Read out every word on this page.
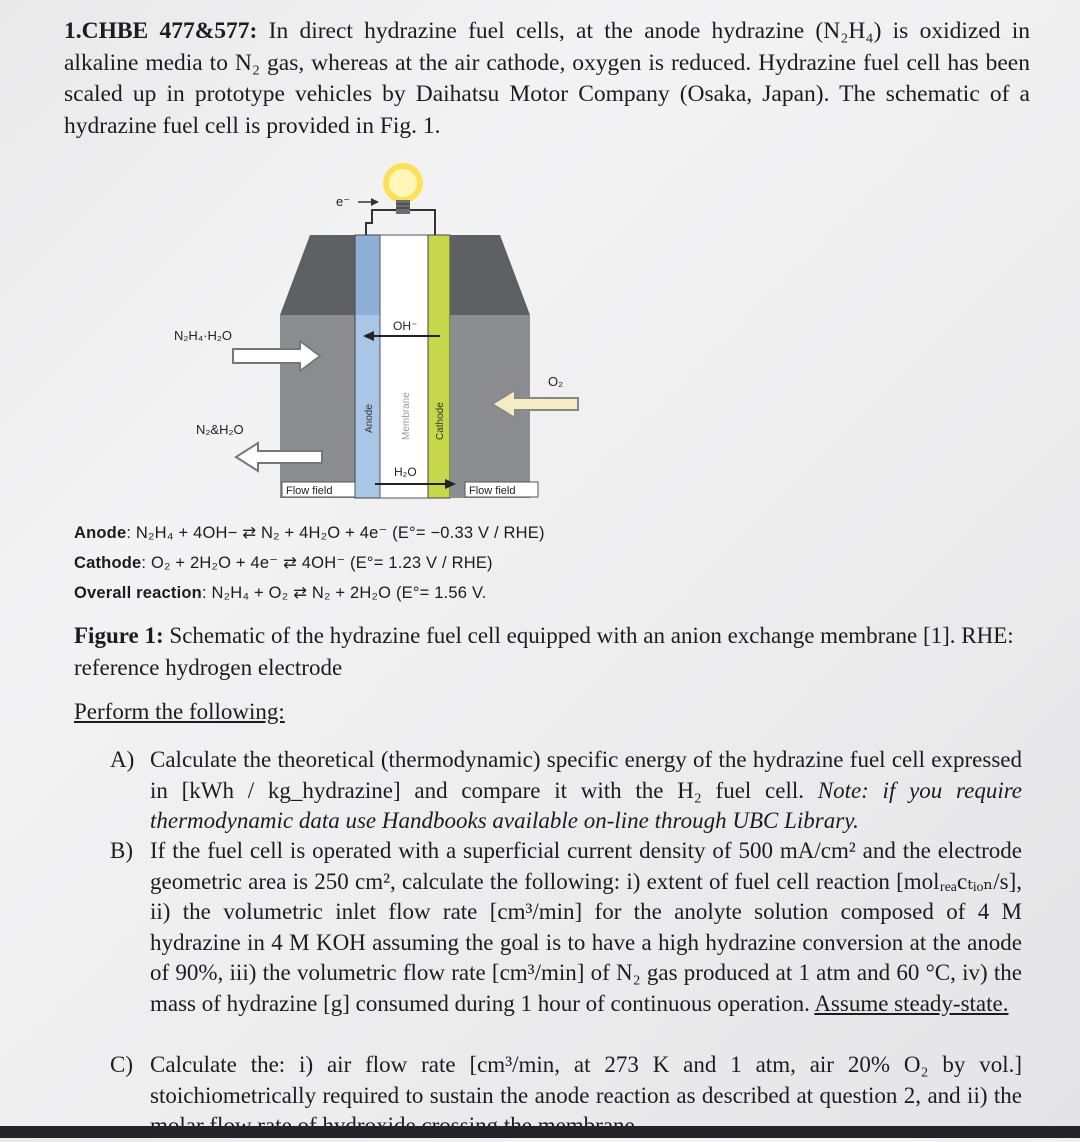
1.CHBE 477&577: In direct hydrazine fuel cells, at the anode hydrazine (N₂H₄) is oxidized in alkaline media to N₂ gas, whereas at the air cathode, oxygen is reduced. Hydrazine fuel cell has been scaled up in prototype vehicles by Daihatsu Motor Company (Osaka, Japan). The schematic of a hydrazine fuel cell is provided in Fig. 1.
e⁻
Anode	Membrane Cathode
OH⁻
H₂O
N₂H₄·H₂O
N₂&H₂O
O₂
Flow field	Flow field
Anode: N₂H₄ + 4OH− ⇄ N₂ + 4H₂O + 4e⁻ (E°= −0.33 V / RHE)
Cathode: O₂ + 2H₂O + 4e⁻ ⇄ 4OH⁻ (E°= 1.23 V / RHE)
Overall reaction: N₂H₄ + O₂ ⇄ N₂ + 2H₂O (E°= 1.56 V.
Figure 1: Schematic of the hydrazine fuel cell equipped with an anion exchange membrane [1]. RHE: reference hydrogen electrode
Perform the following:
A) Calculate the theoretical (thermodynamic) specific energy of the hydrazine fuel cell expressed in [kWh / kg_hydrazine] and compare it with the H₂ fuel cell. Note: if you require thermodynamic data use Handbooks available on-line through UBC Library.
B) If the fuel cell is operated with a superficial current density of 500 mA/cm² and the electrode geometric area is 250 cm², calculate the following: i) extent of fuel cell reaction [molᵣₑₐcₜᵢₒₙ/s], ii) the volumetric inlet flow rate [cm³/min] for the anolyte solution composed of 4 M hydrazine in 4 M KOH assuming the goal is to have a high hydrazine conversion at the anode of 90%, iii) the volumetric flow rate [cm³/min] of N₂ gas produced at 1 atm and 60 °C, iv) the mass of hydrazine [g] consumed during 1 hour of continuous operation. Assume steady-state.
C) Calculate the: i) air flow rate [cm³/min, at 273 K and 1 atm, air 20% O₂ by vol.] stoichiometrically required to sustain the anode reaction as described at question 2, and ii) the
